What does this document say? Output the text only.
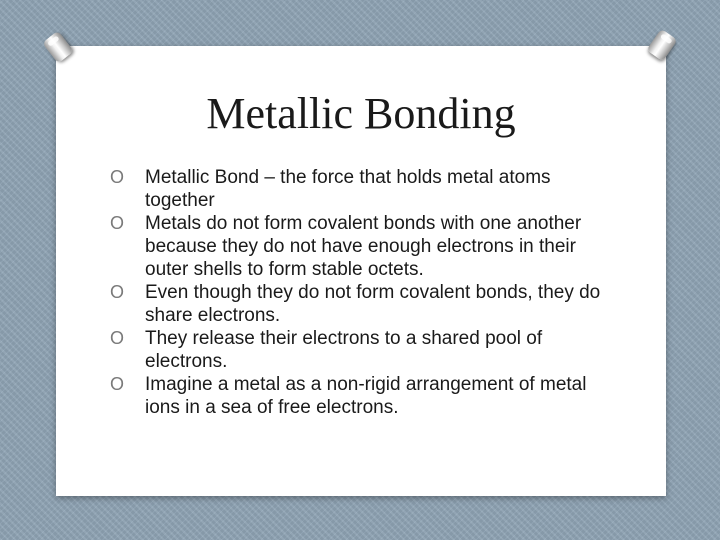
Metallic Bonding
O Metallic Bond – the force that holds metal atoms together
O Metals do not form covalent bonds with one another because they do not have enough electrons in their outer shells to form stable octets.
O Even though they do not form covalent bonds, they do share electrons.
O They release their electrons to a shared pool of electrons.
O Imagine a metal as a non-rigid arrangement of metal ions in a sea of free electrons.
